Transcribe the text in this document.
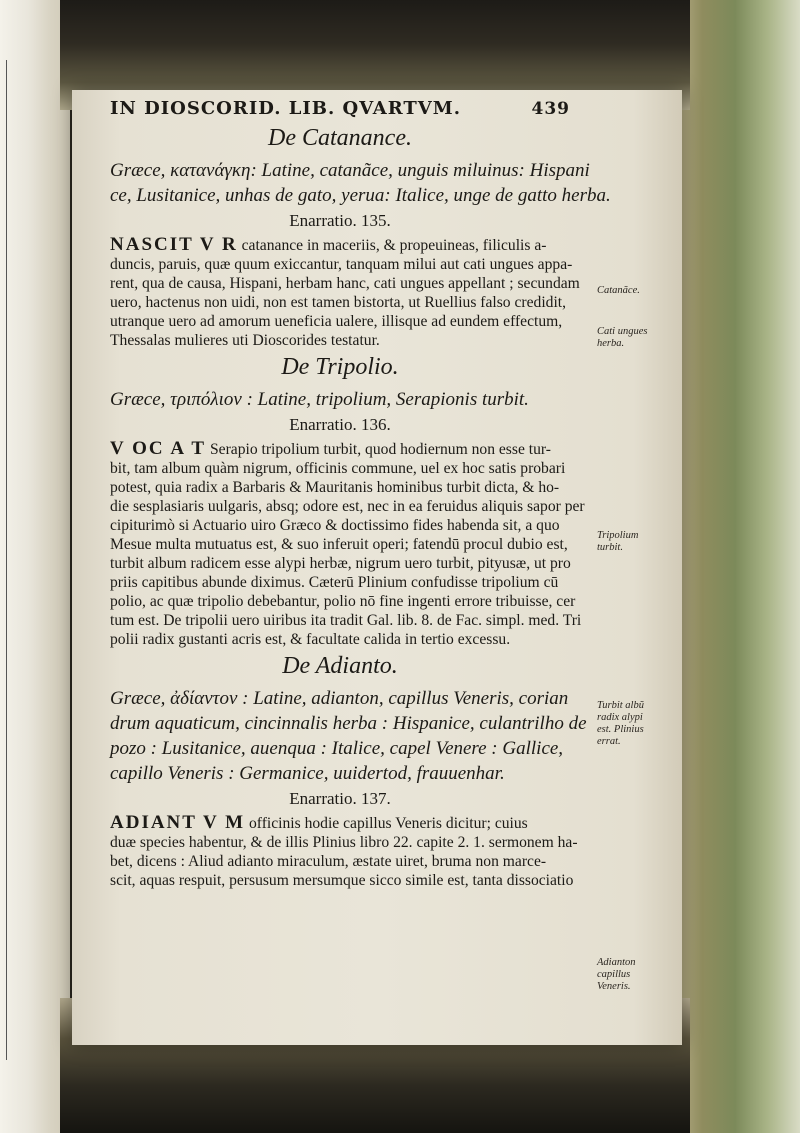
IN DIOSCORID. LIB. QVARTVM.	439
De Catanance.

Græce, κατανάγκη: Latine, catanãce, unguis miluinus: Hispani
ce, Lusitanice, unhas de gato, yerua: Italice, unge de gatto herba.

Enarratio. 135.

NASCIT V R catanance in maceriis, & propeuineas, filiculis a-
duncis, paruis, quæ quum exiccantur, tanquam milui aut cati ungues appa-
rent, qua de causa, Hispani, herbam hanc, cati ungues appellant ; secundam
uero, hactenus non uidi, non est tamen bistorta, ut Ruellius falso credidit,
utranque uero ad amorum ueneficia ualere, illisque ad eundem effectum,
Thessalas mulieres uti Dioscorides testatur.

De Tripolio.

Græce, τριπόλιον : Latine, tripolium, Serapionis turbit.

Enarratio. 136.

V OC A T Serapio tripolium turbit, quod hodiernum non esse tur-
bit, tam album quàm nigrum, officinis commune, uel ex hoc satis probari
potest, quia radix a Barbaris & Mauritanis hominibus turbit dicta, & ho-
die sesplasiaris uulgaris, absq; odore est, nec in ea feruidus aliquis sapor per
cipiturimò si Actuario uiro Græco & doctissimo fides habenda sit, a quo
Mesue multa mutuatus est, & suo inferuit operi; fatendū procul dubio est,
turbit album radicem esse alypi herbæ, nigrum uero turbit, pityusæ, ut pro
priis capitibus abunde diximus. Cæterū Plinium confudisse tripolium cū
polio, ac quæ tripolio debebantur, polio nō fine ingenti errore tribuisse, cer
tum est. De tripolii uero uiribus ita tradit Gal. lib. 8. de Fac. simpl. med. Tri
polii radix gustanti acris est, & facultate calida in tertio excessu.

De Adianto.

Græce, ἀδίαντον : Latine, adianton, capillus Veneris, corian
drum aquaticum, cincinnalis herba : Hispanice, culantrilho de
pozo : Lusitanice, auenqua : Italice, capel Venere : Gallice,
capillo Veneris : Germanice, uuidertod, frauuenhar.

Enarratio. 137.

ADIANT V M officinis hodie capillus Veneris dicitur; cuius
duæ species habentur, & de illis Plinius libro 22. capite 2. 1. sermonem ha-
bet, dicens : Aliud adianto miraculum, æstate uiret, bruma non marce-
scit, aquas respuit, persusum mersumque sicco simile est, tanta dissociatio

Catanãce.
Cati ungues herba.
Tripolium turbit.
Turbit albũ radix alypi est. Plinius errat.
Adianton capillus Veneris.
